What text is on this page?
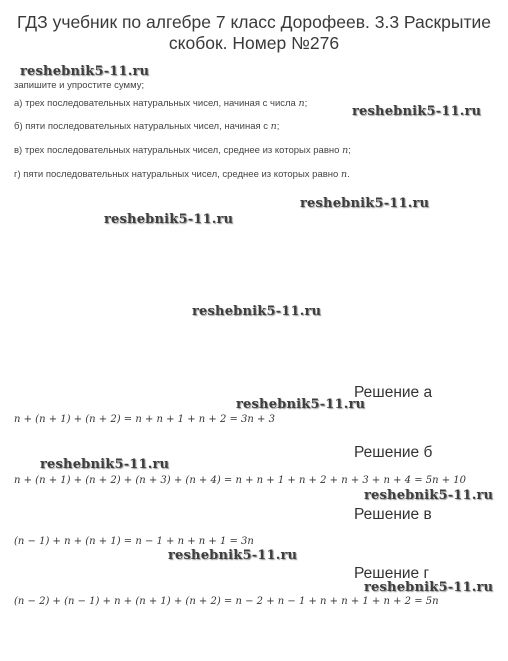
ГДЗ учебник по алгебре 7 класс Дорофеев. 3.3 Раскрытие
скобок. Номер №276
reshebnik5-11.ru
запишите и упростите сумму;
а) трех последовательных натуральных чисел, начиная с числа n;
reshebnik5-11.ru
б) пяти последовательных натуральных чисел, начиная с n;
в) трех последовательных натуральных чисел, среднее из которых равно n;
г) пяти последовательных натуральных чисел, среднее из которых равно n.
reshebnik5-11.ru
reshebnik5-11.ru
reshebnik5-11.ru
Решение а
reshebnik5-11.ru
n + (n + 1) + (n + 2) = n + n + 1 + n + 2 = 3n + 3
Решение б
reshebnik5-11.ru
n + (n + 1) + (n + 2) + (n + 3) + (n + 4) = n + n + 1 + n + 2 + n + 3 + n + 4 = 5n + 10
reshebnik5-11.ru
Решение в
(n − 1) + n + (n + 1) = n − 1 + n + n + 1 = 3n
reshebnik5-11.ru
Решение г
reshebnik5-11.ru
(n − 2) + (n − 1) + n + (n + 1) + (n + 2) = n − 2 + n − 1 + n + n + 1 + n + 2 = 5n
